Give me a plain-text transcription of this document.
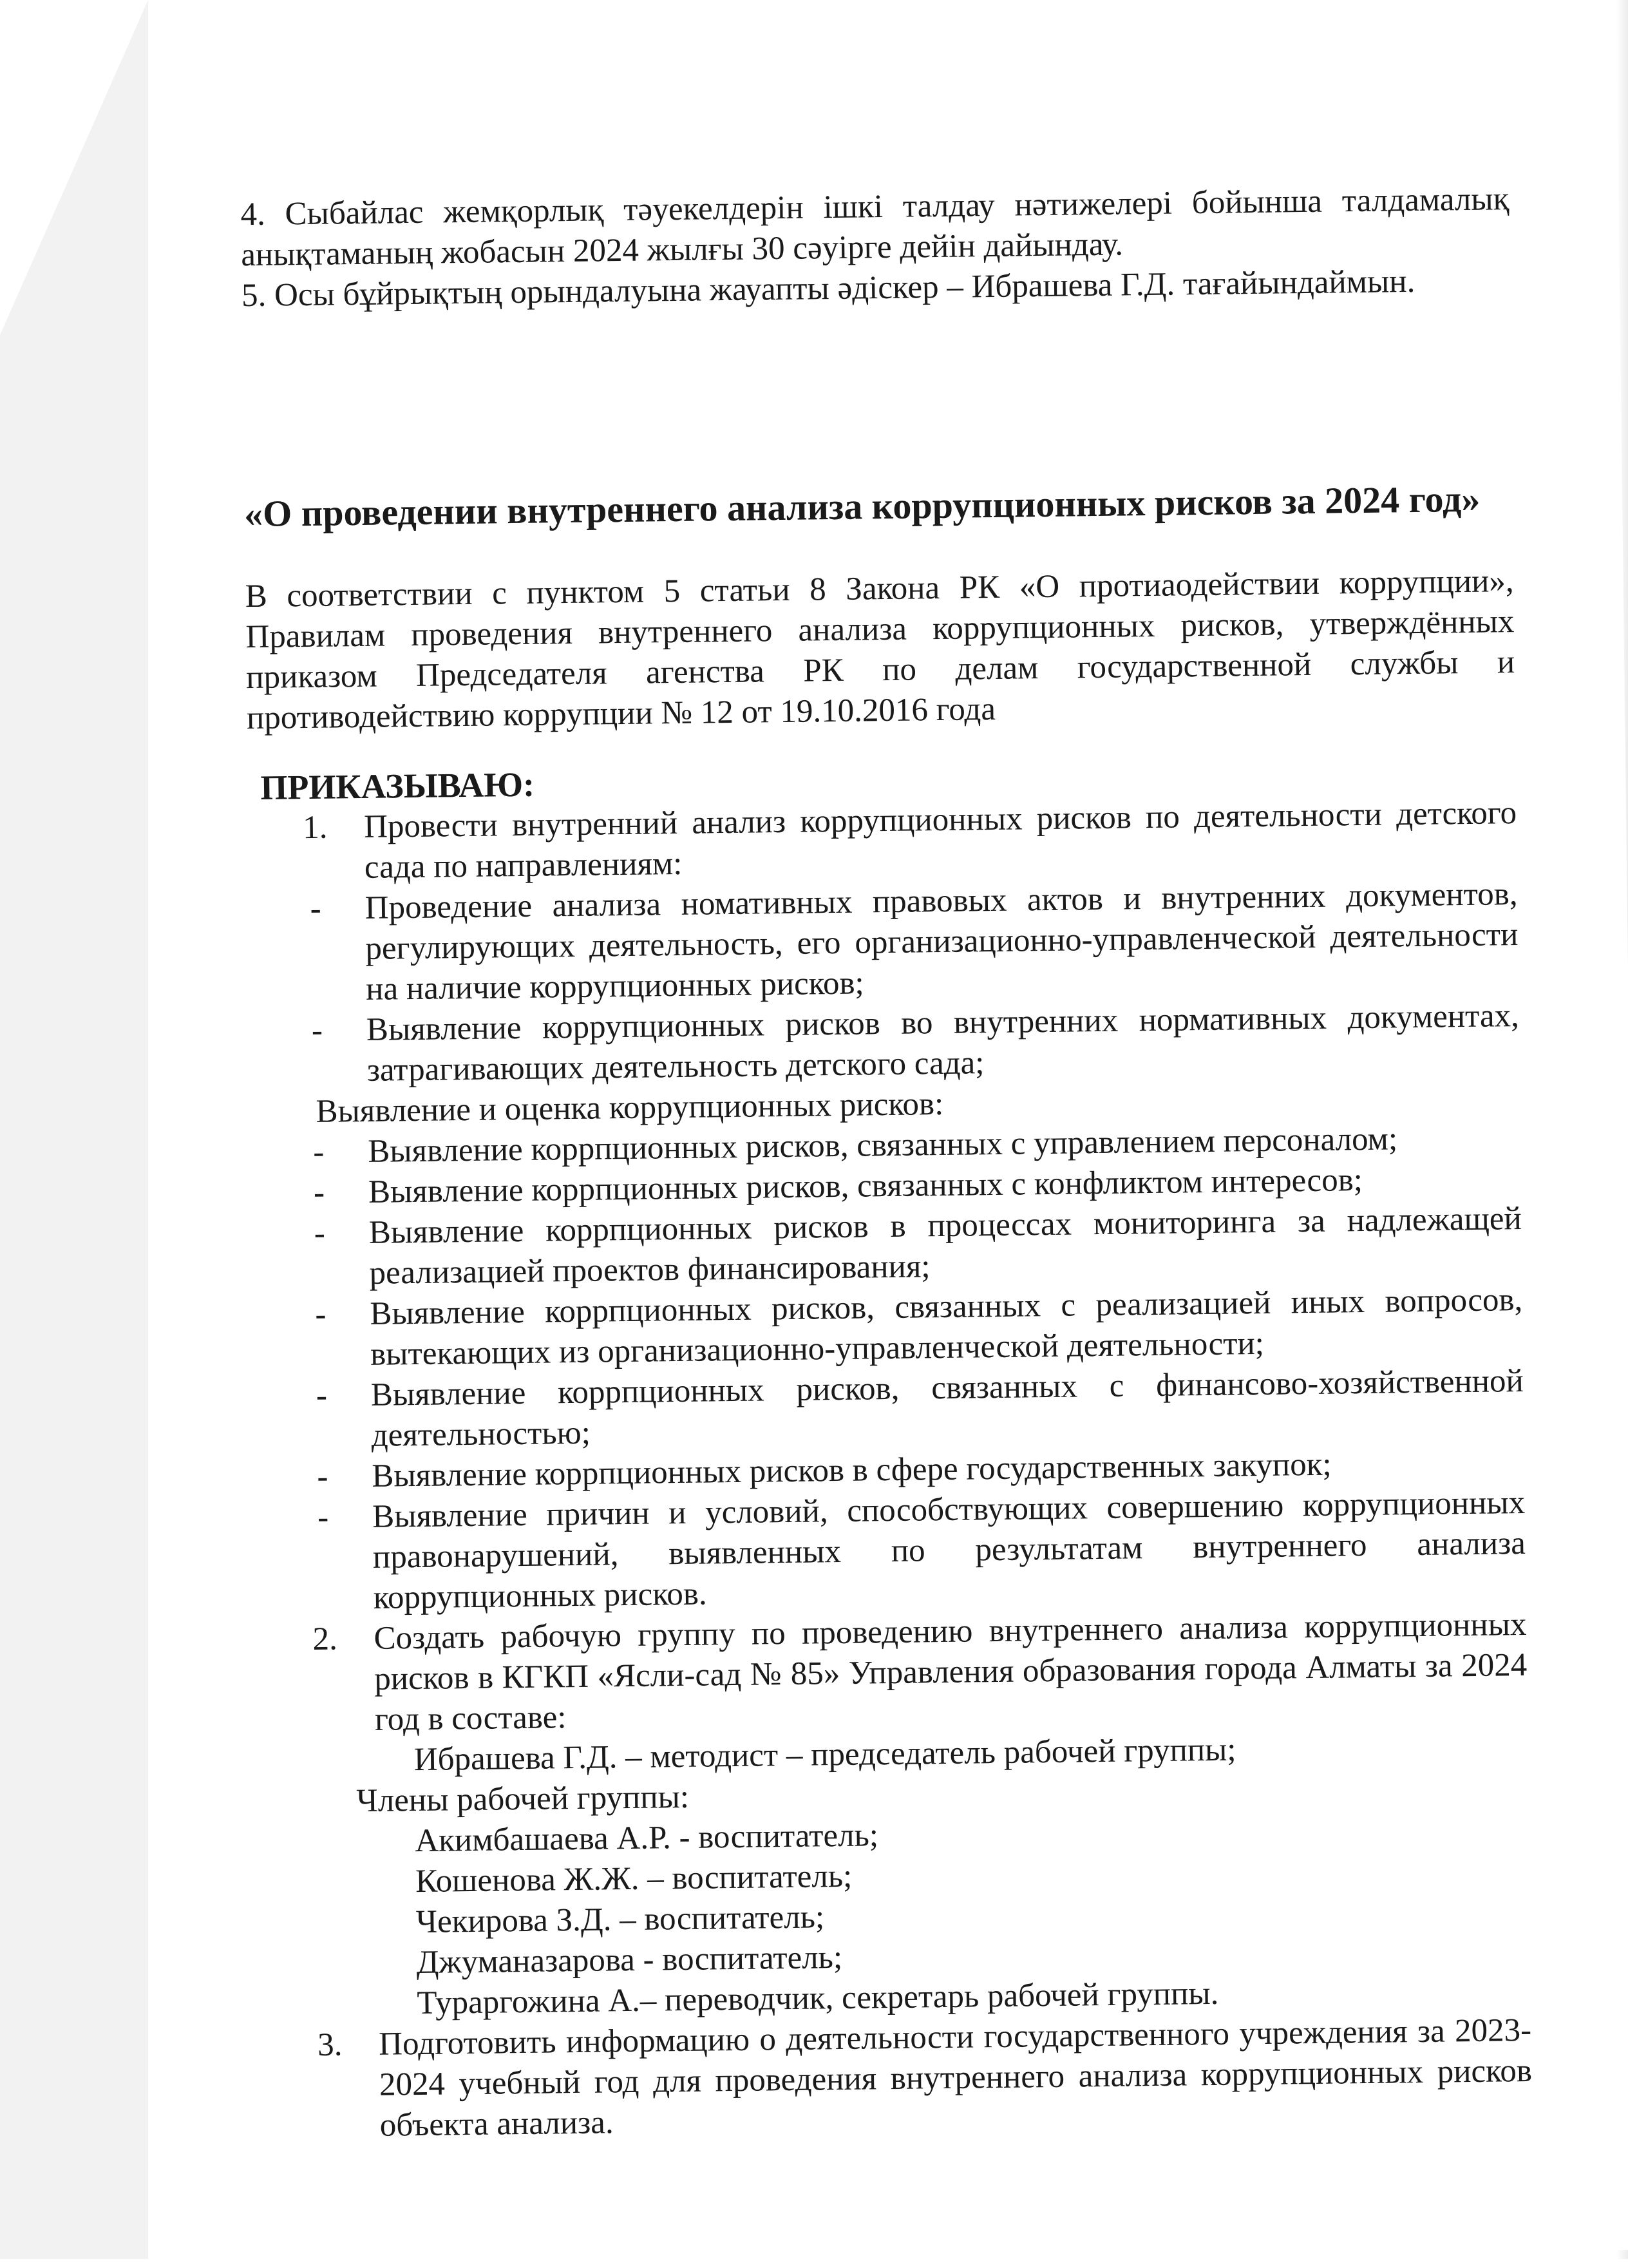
4. Сыбайлас жемқорлық тәуекелдерін ішкі талдау нәтижелері бойынша талдамалық анықтаманың жобасын 2024 жылғы 30 сәуірге дейін дайындау.

5. Осы бұйрықтың орындалуына жауапты әдіскер – Ибрашева Г.Д. тағайындаймын.

«О проведении внутреннего анализа коррупционных рисков за 2024 год»

В соответствии с пунктом 5 статьи 8 Закона РК «О протиаодействии коррупции», Правилам проведения внутреннего анализа коррупционных рисков, утверждённых приказом Председателя агенства РК по делам государственной службы и противодействию коррупции № 12 от 19.10.2016 года

ПРИКАЗЫВАЮ:

1. Провести внутренний анализ коррупционных рисков по деятельности детского сада по направлениям:

- Проведение анализа номативных правовых актов и внутренних документов, регулирующих деятельность, его организационно-управленческой деятельности на наличие коррупционных рисков;

- Выявление коррупционных рисков во внутренних нормативных документах, затрагивающих деятельность детского сада;

Выявление и оценка коррупционных рисков:

- Выявление коррпционных рисков, связанных с управлением персоналом;

- Выявление коррпционных рисков, связанных с конфликтом интересов;

- Выявление коррпционных рисков в процессах мониторинга за надлежащей реализацией проектов финансирования;

- Выявление коррпционных рисков, связанных с реализацией иных вопросов, вытекающих из организационно-управленческой деятельности;

- Выявление коррпционных рисков, связанных с финансово-хозяйственной деятельностью;

- Выявление коррпционных рисков в сфере государственных закупок;

- Выявление причин и условий, способствующих совершению коррупционных правонарушений, выявленных по результатам внутреннего анализа коррупционных рисков.

2. Создать рабочую группу по проведению внутреннего анализа коррупционных рисков в КГКП «Ясли-сад № 85» Управления образования города Алматы за 2024 год в составе:

Ибрашева Г.Д. – методист – председатель рабочей группы;

Члены рабочей группы:

Акимбашаева А.Р. - воспитатель;

Кошенова Ж.Ж. – воспитатель;

Чекирова З.Д. – воспитатель;

Джуманазарова - воспитатель;

Тураргожина А.– переводчик, секретарь рабочей группы.

3. Подготовить информацию о деятельности государственного учреждения за 2023-2024 учебный год для проведения внутреннего анализа коррупционных рисков объекта анализа.
